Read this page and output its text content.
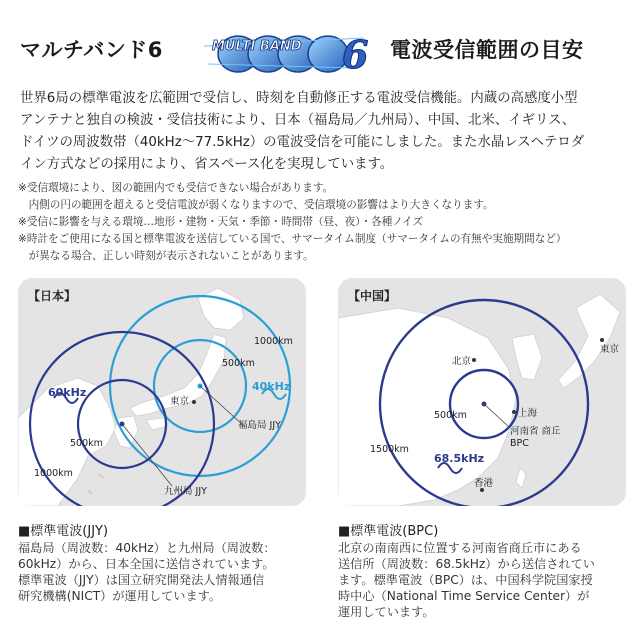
マルチバンド6	MULTI BAND 6 電波受信範囲の目安
世界6局の標準電波を広範囲で受信し、時刻を自動修正する電波受信機能。内蔵の高感度小型
アンテナと独自の検波・受信技術により、日本（福島局／九州局）、中国、北米、イギリス、
ドイツの周波数帯（40kHz～77.5kHz）の電波受信を可能にしました。また水晶レスヘテロダ
イン方式などの採用により、省スペース化を実現しています。
※受信環境により、図の範囲内でも受信できない場合があります。
　内側の円の範囲を超えると受信電波が弱くなりますので、受信環境の影響はより大きくなります。
※受信に影響を与える環境…地形・建物・天気・季節・時間帯（昼、夜）・各種ノイズ
※時計をご使用になる国と標準電波を送信している国で、サマータイム制度（サマータイムの有無や実施期間など）
　が異なる場合、正しい時刻が表示されないことがあります。
【日本】
1000km
500km
500km
1000km
60kHz	40kHz
東京
福島局 JJY
九州局 JJY
【中国】
北京
東京
上海
香港
500km
1500km
68.5kHz
河南省 商丘
BPC
■標準電波(JJY)
福島局（周波数：40kHz）と九州局（周波数：
60kHz）から、日本全国に送信されています。
標準電波（JJY）は国立研究開発法人情報通信
研究機構(NICT）が運用しています。
■標準電波(BPC)
北京の南南西に位置する河南省商丘市にある
送信所（周波数：68.5kHz）から送信されてい
ます。標準電波（BPC）は、中国科学院国家授
時中心（National Time Service Center）が
運用しています。
